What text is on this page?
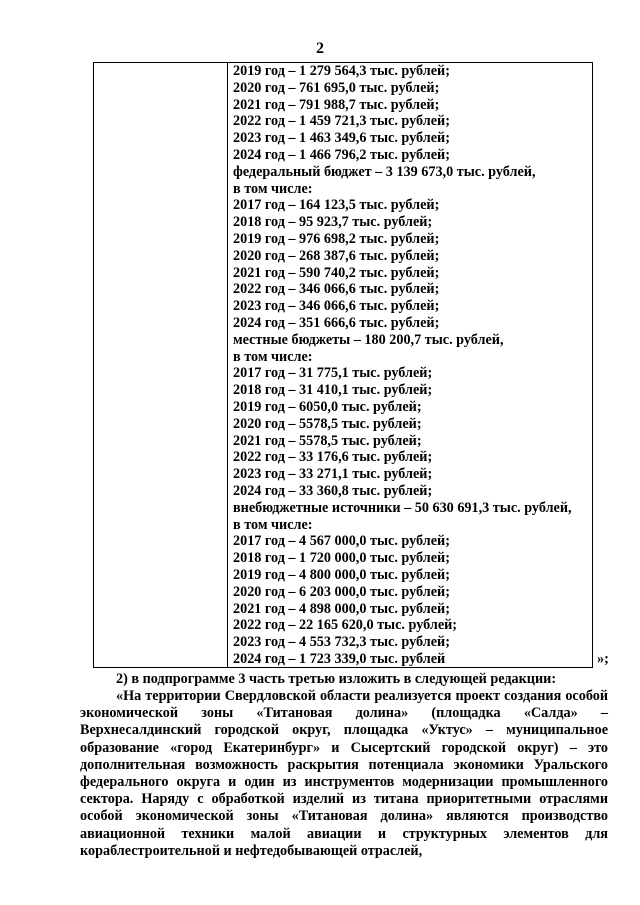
2
2019 год – 1 279 564,3 тыс. рублей;
2020 год – 761 695,0 тыс. рублей;
2021 год – 791 988,7 тыс. рублей;
2022 год – 1 459 721,3 тыс. рублей;
2023 год – 1 463 349,6 тыс. рублей;
2024 год – 1 466 796,2 тыс. рублей;
федеральный бюджет – 3 139 673,0 тыс. рублей,
в том числе:
2017 год – 164 123,5 тыс. рублей;
2018 год – 95 923,7 тыс. рублей;
2019 год – 976 698,2 тыс. рублей;
2020 год – 268 387,6 тыс. рублей;
2021 год – 590 740,2 тыс. рублей;
2022 год – 346 066,6 тыс. рублей;
2023 год – 346 066,6 тыс. рублей;
2024 год – 351 666,6 тыс. рублей;
местные бюджеты – 180 200,7 тыс. рублей,
в том числе:
2017 год – 31 775,1 тыс. рублей;
2018 год – 31 410,1 тыс. рублей;
2019 год – 6050,0 тыс. рублей;
2020 год – 5578,5 тыс. рублей;
2021 год – 5578,5 тыс. рублей;
2022 год – 33 176,6 тыс. рублей;
2023 год – 33 271,1 тыс. рублей;
2024 год – 33 360,8 тыс. рублей;
внебюджетные источники – 50 630 691,3 тыс. рублей,
в том числе:
2017 год – 4 567 000,0 тыс. рублей;
2018 год – 1 720 000,0 тыс. рублей;
2019 год – 4 800 000,0 тыс. рублей;
2020 год – 6 203 000,0 тыс. рублей;
2021 год – 4 898 000,0 тыс. рублей;
2022 год – 22 165 620,0 тыс. рублей;
2023 год – 4 553 732,3 тыс. рублей;
2024 год – 1 723 339,0 тыс. рублей	»;

2) в подпрограмме 3 часть третью изложить в следующей редакции:

«На территории Свердловской области реализуется проект создания особой экономической зоны «Титановая долина» (площадка «Салда» – Верхнесалдинский городской округ, площадка «Уктус» – муниципальное образование «город Екатеринбург» и Сысертский городской округ) – это дополнительная возможность раскрытия потенциала экономики Уральского федерального округа и один из инструментов модернизации промышленного сектора. Наряду с обработкой изделий из титана приоритетными отраслями особой экономической зоны «Титановая долина» являются производство авиационной техники малой авиации и структурных элементов для кораблестроительной и нефтедобывающей отраслей,
